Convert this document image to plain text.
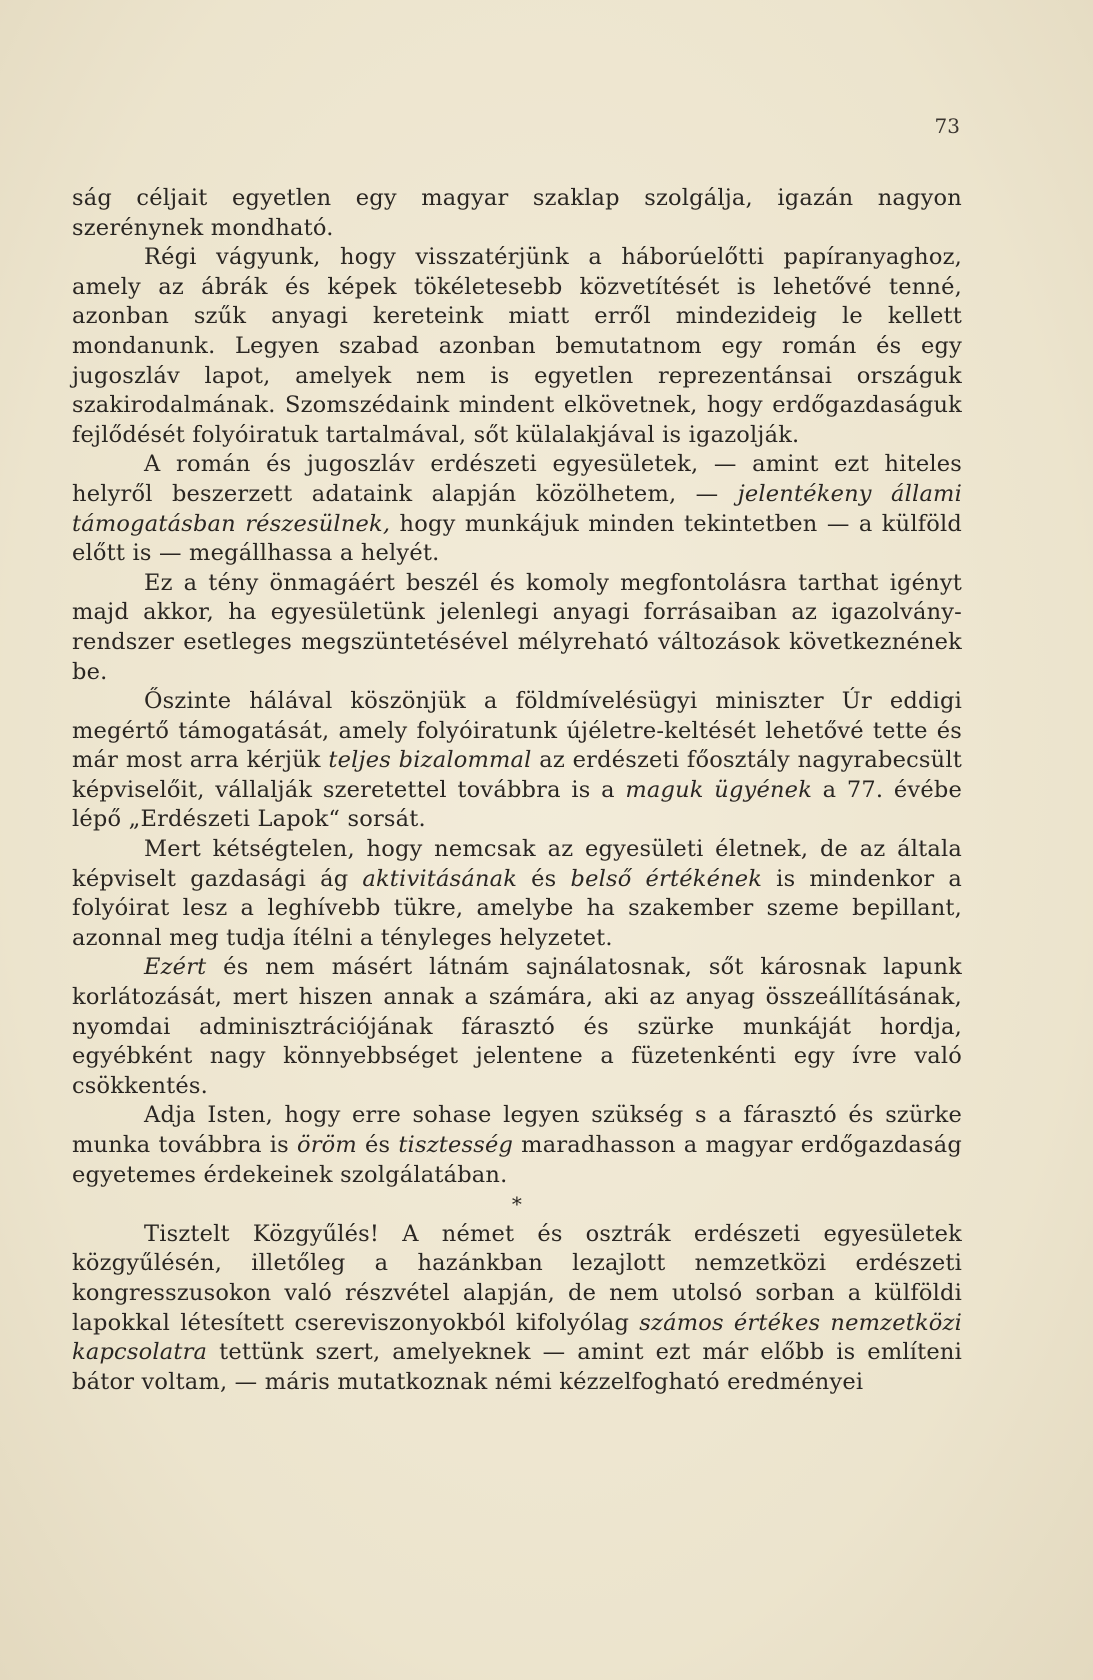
73

ság céljait egyetlen egy magyar szaklap szolgálja, igazán nagyon szerénynek mondható.

Régi vágyunk, hogy visszatérjünk a háborúelőtti papíranyaghoz, amely az ábrák és képek tökéletesebb közvetítését is lehetővé tenné, azonban szűk anyagi kereteink miatt erről mindezideig le kellett mondanunk. Legyen szabad azonban bemutatnom egy román és egy jugoszláv lapot, amelyek nem is egyetlen reprezentánsai országuk szakirodalmának. Szomszédaink mindent elkövetnek, hogy erdőgazdaságuk fejlődését folyóiratuk tartalmával, sőt külalakjával is igazolják.

A román és jugoszláv erdészeti egyesületek, — amint ezt hiteles helyről beszerzett adataink alapján közölhetem, — jelentékeny állami támogatásban részesülnek, hogy munkájuk minden tekintetben — a külföld előtt is — megállhassa a helyét.

Ez a tény önmagáért beszél és komoly megfontolásra tarthat igényt majd akkor, ha egyesületünk jelenlegi anyagi forrásaiban az igazolvány-rendszer esetleges megszüntetésével mélyreható változások következnének be.

Őszinte hálával köszönjük a földmívelésügyi miniszter Úr eddigi megértő támogatását, amely folyóiratunk újéletre-keltését lehetővé tette és már most arra kérjük teljes bizalommal az erdészeti főosztály nagyrabecsült képviselőit, vállalják szeretettel továbbra is a maguk ügyének a 77. évébe lépő „Erdészeti Lapok“ sorsát.

Mert kétségtelen, hogy nemcsak az egyesületi életnek, de az általa képviselt gazdasági ág aktivitásának és belső értékének is mindenkor a folyóirat lesz a leghívebb tükre, amelybe ha szakember szeme bepillant, azonnal meg tudja ítélni a tényleges helyzetet.

Ezért és nem másért látnám sajnálatosnak, sőt károsnak lapunk korlátozását, mert hiszen annak a számára, aki az anyag összeállításának, nyomdai adminisztrációjának fárasztó és szürke munkáját hordja, egyébként nagy könnyebbséget jelentene a füzetenkénti egy ívre való csökkentés.

Adja Isten, hogy erre sohase legyen szükség s a fárasztó és szürke munka továbbra is öröm és tisztesség maradhasson a magyar erdőgazdaság egyetemes érdekeinek szolgálatában.

*

Tisztelt Közgyűlés! A német és osztrák erdészeti egyesületek közgyűlésén, illetőleg a hazánkban lezajlott nemzetközi erdészeti kongresszusokon való részvétel alapján, de nem utolsó sorban a külföldi lapokkal létesített csereviszonyokból kifolyólag számos értékes nemzetközi kapcsolatra tettünk szert, amelyeknek — amint ezt már előbb is említeni bátor voltam, — máris mutatkoznak némi kézzelfogható eredményei
